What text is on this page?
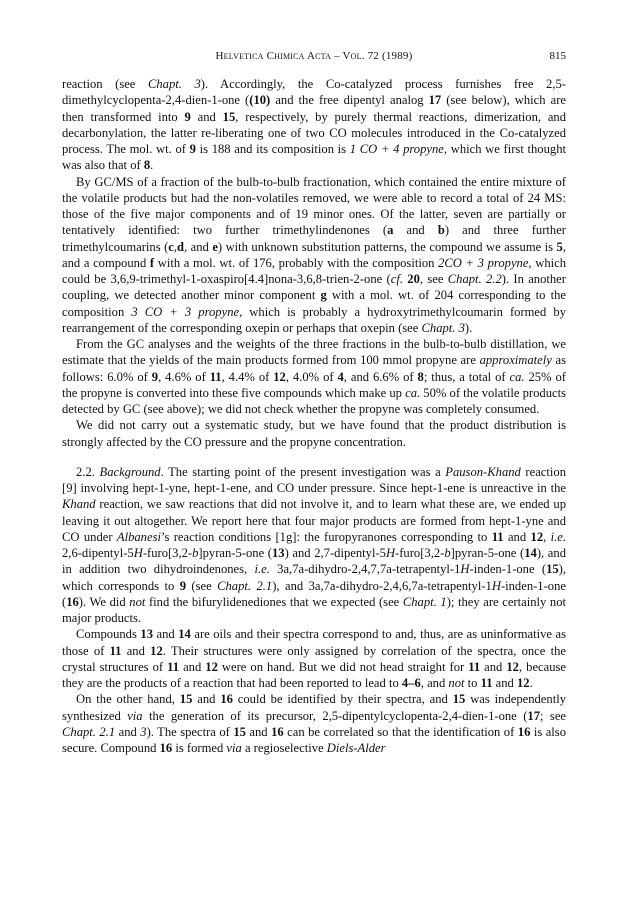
Helvetica Chimica Acta – Vol. 72 (1989)	815

reaction (see Chapt. 3). Accordingly, the Co-catalyzed process furnishes free 2,5-dimethylcyclopenta-2,4-dien-1-one ((10) and the free dipentyl analog 17 (see below), which are then transformed into 9 and 15, respectively, by purely thermal reactions, dimerization, and decarbonylation, the latter re-liberating one of two CO molecules introduced in the Co-catalyzed process. The mol. wt. of 9 is 188 and its composition is 1 CO + 4 propyne, which we first thought was also that of 8.

By GC/MS of a fraction of the bulb-to-bulb fractionation, which contained the entire mixture of the volatile products but had the non-volatiles removed, we were able to record a total of 24 MS: those of the five major components and of 19 minor ones. Of the latter, seven are partially or tentatively identified: two further trimethylindenones (a and b) and three further trimethylcoumarins (c,d, and e) with unknown substitution patterns, the compound we assume is 5, and a compound f with a mol. wt. of 176, probably with the composition 2CO + 3 propyne, which could be 3,6,9-trimethyl-1-oxaspiro[4.4]nona-3,6,8-trien-2-one (cf. 20, see Chapt. 2.2). In another coupling, we detected another minor component g with a mol. wt. of 204 corresponding to the composition 3 CO + 3 propyne, which is probably a hydroxytrimethylcoumarin formed by rearrangement of the corresponding oxepin or perhaps that oxepin (see Chapt. 3).

From the GC analyses and the weights of the three fractions in the bulb-to-bulb distillation, we estimate that the yields of the main products formed from 100 mmol propyne are approximately as follows: 6.0% of 9, 4.6% of 11, 4.4% of 12, 4.0% of 4, and 6.6% of 8; thus, a total of ca. 25% of the propyne is converted into these five compounds which make up ca. 50% of the volatile products detected by GC (see above); we did not check whether the propyne was completely consumed.

We did not carry out a systematic study, but we have found that the product distribution is strongly affected by the CO pressure and the propyne concentration.

2.2. Background. The starting point of the present investigation was a Pauson-Khand reaction [9] involving hept-1-yne, hept-1-ene, and CO under pressure. Since hept-1-ene is unreactive in the Khand reaction, we saw reactions that did not involve it, and to learn what these are, we ended up leaving it out altogether. We report here that four major products are formed from hept-1-yne and CO under Albanesi’s reaction conditions [1g]: the furopyranones corresponding to 11 and 12, i.e. 2,6-dipentyl-5H-furo[3,2-b]pyran-5-one (13) and 2,7-dipentyl-5H-furo[3,2-b]pyran-5-one (14), and in addition two dihydroindenones, i.e. 3a,7a-dihydro-2,4,7,7a-tetrapentyl-1H-inden-1-one (15), which corresponds to 9 (see Chapt. 2.1), and 3a,7a-dihydro-2,4,6,7a-tetrapentyl-1H-inden-1-one (16). We did not find the bifurylidenediones that we expected (see Chapt. 1); they are certainly not major products.

Compounds 13 and 14 are oils and their spectra correspond to and, thus, are as uninformative as those of 11 and 12. Their structures were only assigned by correlation of the spectra, once the crystal structures of 11 and 12 were on hand. But we did not head straight for 11 and 12, because they are the products of a reaction that had been reported to lead to 4–6, and not to 11 and 12.

On the other hand, 15 and 16 could be identified by their spectra, and 15 was independently synthesized via the generation of its precursor, 2,5-dipentylcyclopenta-2,4-dien-1-one (17; see Chapt. 2.1 and 3). The spectra of 15 and 16 can be correlated so that the identification of 16 is also secure. Compound 16 is formed via a regioselective Diels-Alder
